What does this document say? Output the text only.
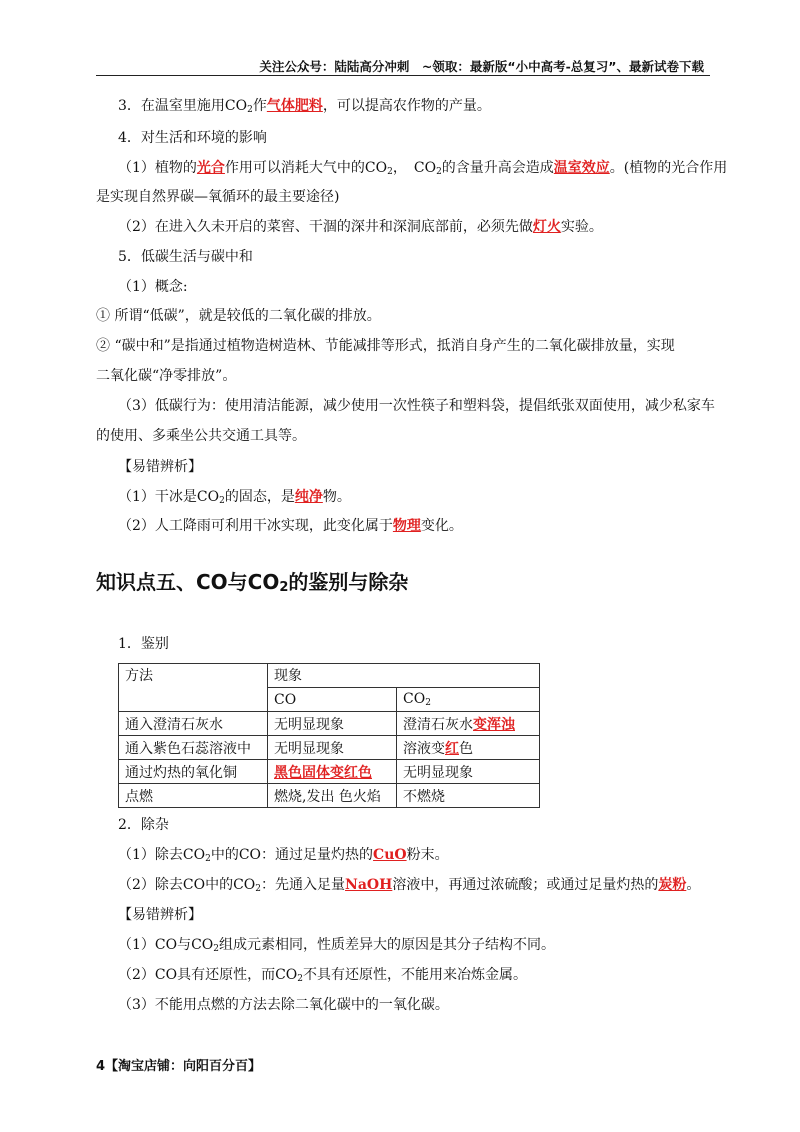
关注公众号：陆陆高分冲刺　~领取：最新版“小中高考-总复习”、最新试卷下载
3．在温室里施用$CO_2$作气体肥料，可以提高农作物的产量。
4．对生活和环境的影响
（1）植物的光合作用可以消耗大气中的$CO_2$，　$CO_2$的含量升高会造成温室效应。(植物的光合作用
是实现自然界碳—氧循环的最主要途径)
（2）在进入久未开启的菜窖、干涸的深井和深洞底部前，必须先做灯火实验。
5．低碳生活与碳中和
（1）概念:
① 所谓“低碳”，就是较低的二氧化碳的排放。
② “碳中和”是指通过植物造树造林、节能减排等形式，抵消自身产生的二氧化碳排放量，实现
二氧化碳“净零排放”。
（3）低碳行为：使用清洁能源，减少使用一次性筷子和塑料袋，提倡纸张双面使用，减少私家车
的使用、多乘坐公共交通工具等。
【易错辨析】
（1）干冰是$CO_2$的固态，是纯净物。
（2）人工降雨可利用干冰实现，此变化属于物理变化。
知识点五、CO与$CO_2$的鉴别与除杂
1．鉴别
方法	现象	
	CO	$CO_2$
通入澄清石灰水	无明显现象	澄清石灰水变浑浊
通入紫色石蕊溶液中	无明显现象	溶液变红色
通过灼热的氧化铜	黑色固体变红色	无明显现象
点燃	燃烧,发出 色火焰	不燃烧
2．除杂
（1）除去$CO_2$中的CO：通过足量灼热的CuO粉末。
（2）除去CO中的$CO_2$：先通入足量NaOH溶液中，再通过浓硫酸；或通过足量灼热的炭粉。
【易错辨析】
（1）CO与$CO_2$组成元素相同，性质差异大的原因是其分子结构不同。
（2）CO具有还原性，而$CO_2$不具有还原性，不能用来冶炼金属。
（3）不能用点燃的方法去除二氧化碳中的一氧化碳。
4【淘宝店铺：向阳百分百】
